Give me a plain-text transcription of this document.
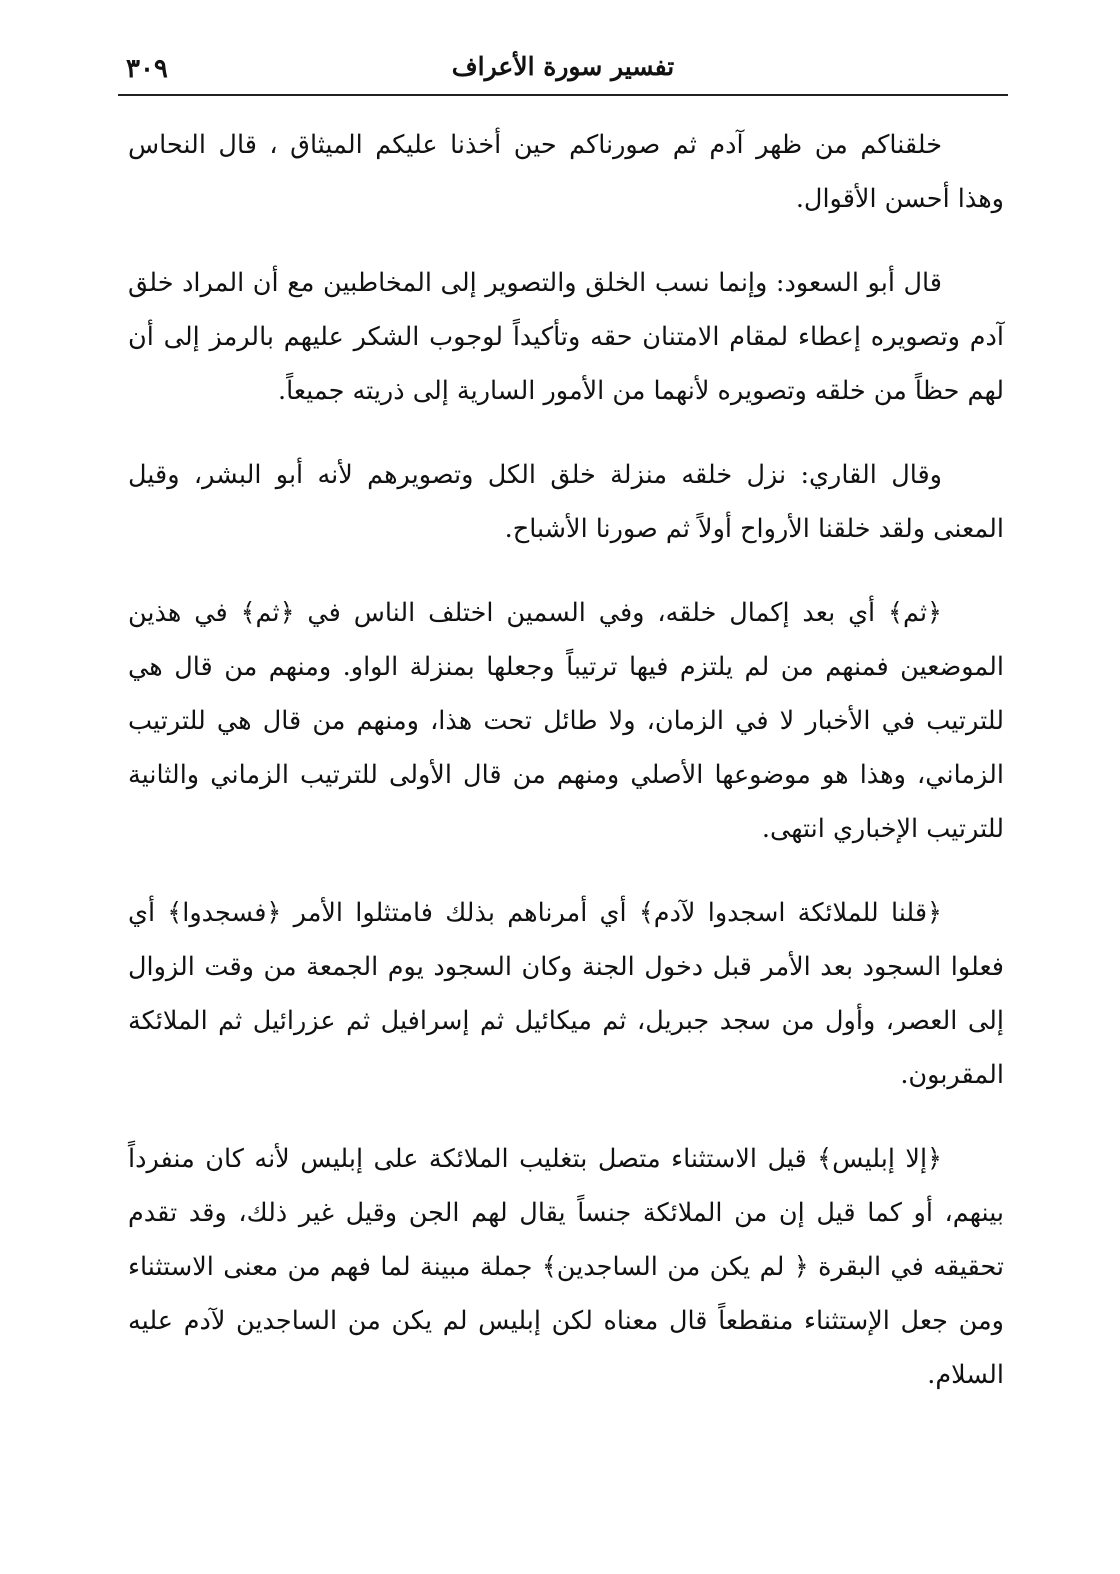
٣٠٩	تفسير سورة الأعراف

خلقناكم من ظهر آدم ثم صورناكم حين أخذنا عليكم الميثاق ، قال النحاس وهذا أحسن الأقوال.

قال أبو السعود: وإنما نسب الخلق والتصوير إلى المخاطبين مع أن المراد خلق آدم وتصويره إعطاء لمقام الامتنان حقه وتأكيداً لوجوب الشكر عليهم بالرمز إلى أن لهم حظاً من خلقه وتصويره لأنهما من الأمور السارية إلى ذريته جميعاً.

وقال القاري: نزل خلقه منزلة خلق الكل وتصويرهم لأنه أبو البشر، وقيل المعنى ولقد خلقنا الأرواح أولاً ثم صورنا الأشباح.

﴿ثم﴾ أي بعد إكمال خلقه، وفي السمين اختلف الناس في ﴿ثم﴾ في هذين الموضعين فمنهم من لم يلتزم فيها ترتيباً وجعلها بمنزلة الواو. ومنهم من قال هي للترتيب في الأخبار لا في الزمان، ولا طائل تحت هذا، ومنهم من قال هي للترتيب الزماني، وهذا هو موضوعها الأصلي ومنهم من قال الأولى للترتيب الزماني والثانية للترتيب الإخباري انتهى.

﴿قلنا للملائكة اسجدوا لآدم﴾ أي أمرناهم بذلك فامتثلوا الأمر ﴿فسجدوا﴾ أي فعلوا السجود بعد الأمر قبل دخول الجنة وكان السجود يوم الجمعة من وقت الزوال إلى العصر، وأول من سجد جبريل، ثم ميكائيل ثم إسرافيل ثم عزرائيل ثم الملائكة المقربون.

﴿إلا إبليس﴾ قيل الاستثناء متصل بتغليب الملائكة على إبليس لأنه كان منفرداً بينهم، أو كما قيل إن من الملائكة جنساً يقال لهم الجن وقيل غير ذلك، وقد تقدم تحقيقه في البقرة ﴿ لم يكن من الساجدين﴾ جملة مبينة لما فهم من معنى الاستثناء ومن جعل الإستثناء منقطعاً قال معناه لكن إبليس لم يكن من الساجدين لآدم عليه السلام.
